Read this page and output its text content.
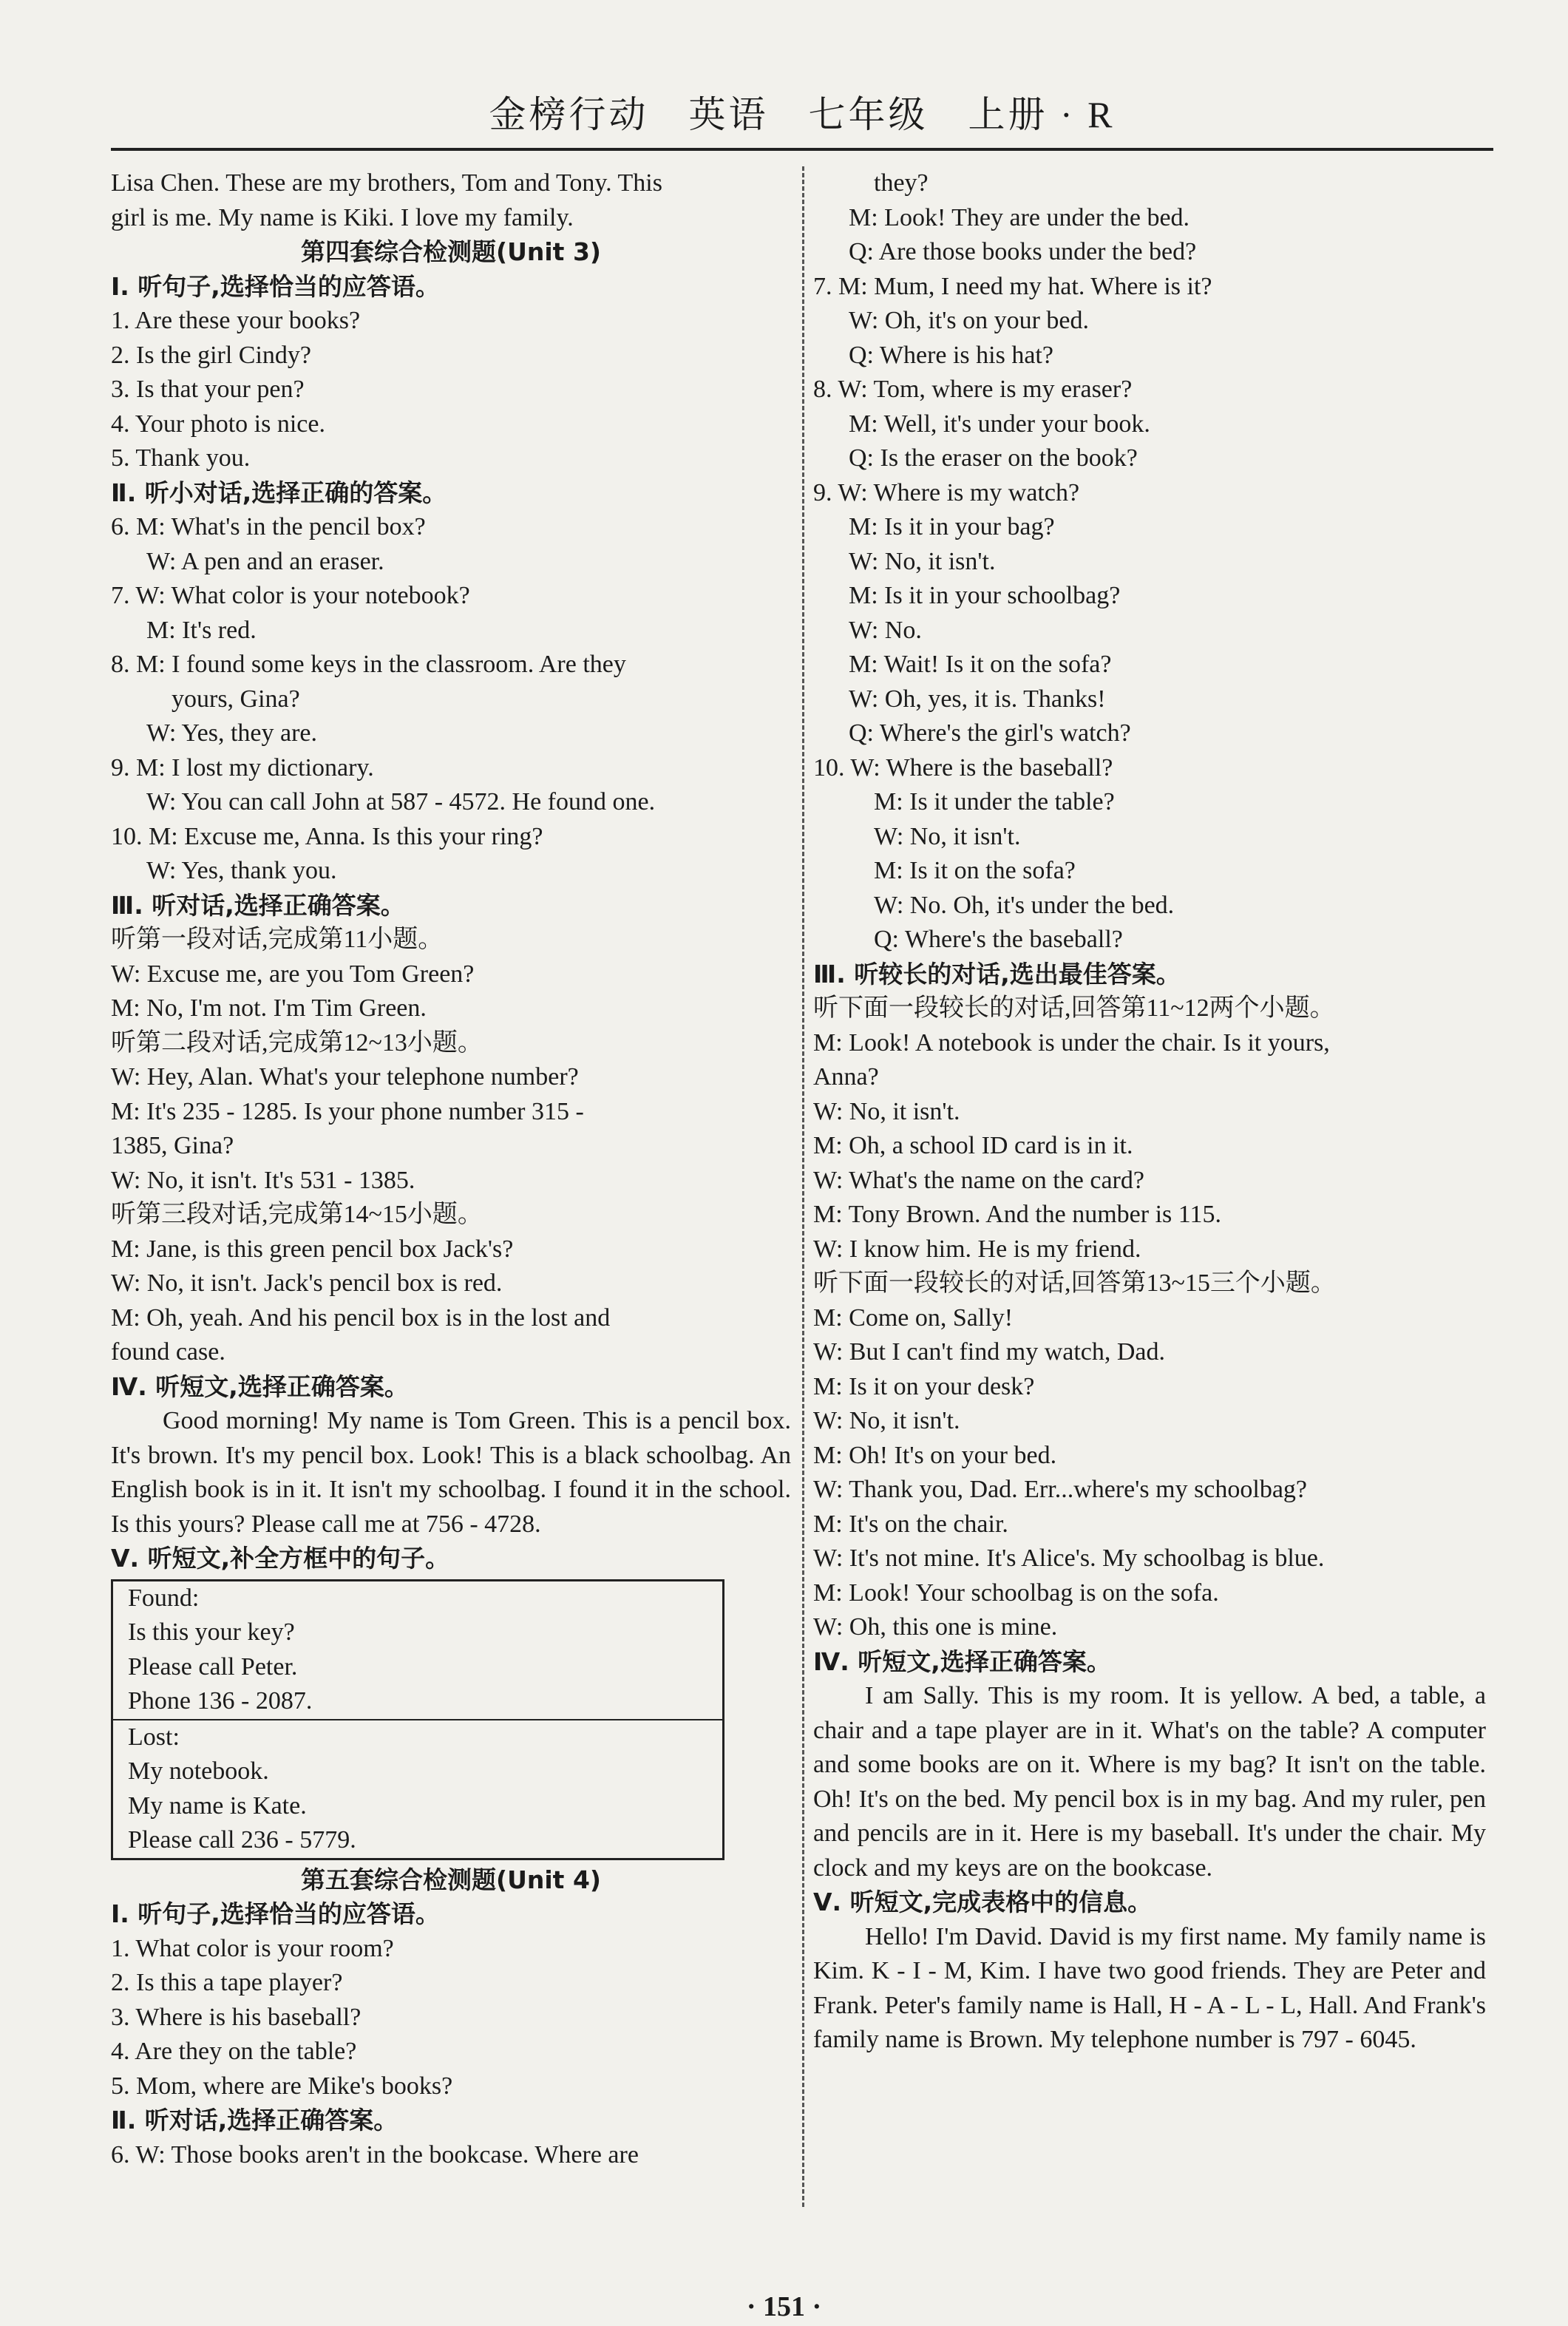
金榜行动　英语　七年级　上册 · R
Lisa Chen. These are my brothers, Tom and Tony. This
girl is me. My name is Kiki. I love my family.
第四套综合检测题(Unit 3)
Ⅰ. 听句子,选择恰当的应答语。
1. Are these your books?
2. Is the girl Cindy?
3. Is that your pen?
4. Your photo is nice.
5. Thank you.
Ⅱ. 听小对话,选择正确的答案。
6. M: What's in the pencil box?
W: A pen and an eraser.
7. W: What color is your notebook?
M: It's red.
8. M: I found some keys in the classroom. Are they
yours, Gina?
W: Yes, they are.
9. M: I lost my dictionary.
W: You can call John at 587 - 4572. He found one.
10. M: Excuse me, Anna. Is this your ring?
W: Yes, thank you.
Ⅲ. 听对话,选择正确答案。
听第一段对话,完成第11小题。
W: Excuse me, are you Tom Green?
M: No, I'm not. I'm Tim Green.
听第二段对话,完成第12~13小题。
W: Hey, Alan. What's your telephone number?
M: It's 235 - 1285. Is your phone number 315 -
1385, Gina?
W: No, it isn't. It's 531 - 1385.
听第三段对话,完成第14~15小题。
M: Jane, is this green pencil box Jack's?
W: No, it isn't. Jack's pencil box is red.
M: Oh, yeah. And his pencil box is in the lost and
found case.
Ⅳ. 听短文,选择正确答案。
Good morning! My name is Tom Green. This is a pencil box. It's brown. It's my pencil box. Look! This is a black schoolbag. An English book is in it. It isn't my schoolbag. I found it in the school. Is this yours? Please call me at 756 - 4728.
Ⅴ. 听短文,补全方框中的句子。
Found:
Is this your key?
Please call Peter.
Phone 136 - 2087.
Lost:
My notebook.
My name is Kate.
Please call 236 - 5779.
第五套综合检测题(Unit 4)
Ⅰ. 听句子,选择恰当的应答语。
1. What color is your room?
2. Is this a tape player?
3. Where is his baseball?
4. Are they on the table?
5. Mom, where are Mike's books?
Ⅱ. 听对话,选择正确答案。
6. W: Those books aren't in the bookcase. Where are
they?
M: Look! They are under the bed.
Q: Are those books under the bed?
7. M: Mum, I need my hat. Where is it?
W: Oh, it's on your bed.
Q: Where is his hat?
8. W: Tom, where is my eraser?
M: Well, it's under your book.
Q: Is the eraser on the book?
9. W: Where is my watch?
M: Is it in your bag?
W: No, it isn't.
M: Is it in your schoolbag?
W: No.
M: Wait! Is it on the sofa?
W: Oh, yes, it is. Thanks!
Q: Where's the girl's watch?
10. W: Where is the baseball?
M: Is it under the table?
W: No, it isn't.
M: Is it on the sofa?
W: No. Oh, it's under the bed.
Q: Where's the baseball?
Ⅲ. 听较长的对话,选出最佳答案。
听下面一段较长的对话,回答第11~12两个小题。
M: Look! A notebook is under the chair. Is it yours,
Anna?
W: No, it isn't.
M: Oh, a school ID card is in it.
W: What's the name on the card?
M: Tony Brown. And the number is 115.
W: I know him. He is my friend.
听下面一段较长的对话,回答第13~15三个小题。
M: Come on, Sally!
W: But I can't find my watch, Dad.
M: Is it on your desk?
W: No, it isn't.
M: Oh! It's on your bed.
W: Thank you, Dad. Err...where's my schoolbag?
M: It's on the chair.
W: It's not mine. It's Alice's. My schoolbag is blue.
M: Look! Your schoolbag is on the sofa.
W: Oh, this one is mine.
Ⅳ. 听短文,选择正确答案。
I am Sally. This is my room. It is yellow. A bed, a table, a chair and a tape player are in it. What's on the table? A computer and some books are on it. Where is my bag? It isn't on the table. Oh! It's on the bed. My pencil box is in my bag. And my ruler, pen and pencils are in it. Here is my baseball. It's under the chair. My clock and my keys are on the bookcase.
Ⅴ. 听短文,完成表格中的信息。
Hello! I'm David. David is my first name. My family name is Kim. K - I - M, Kim. I have two good friends. They are Peter and Frank. Peter's family name is Hall, H - A - L - L, Hall. And Frank's family name is Brown. My telephone number is 797 - 6045.
· 151 ·
